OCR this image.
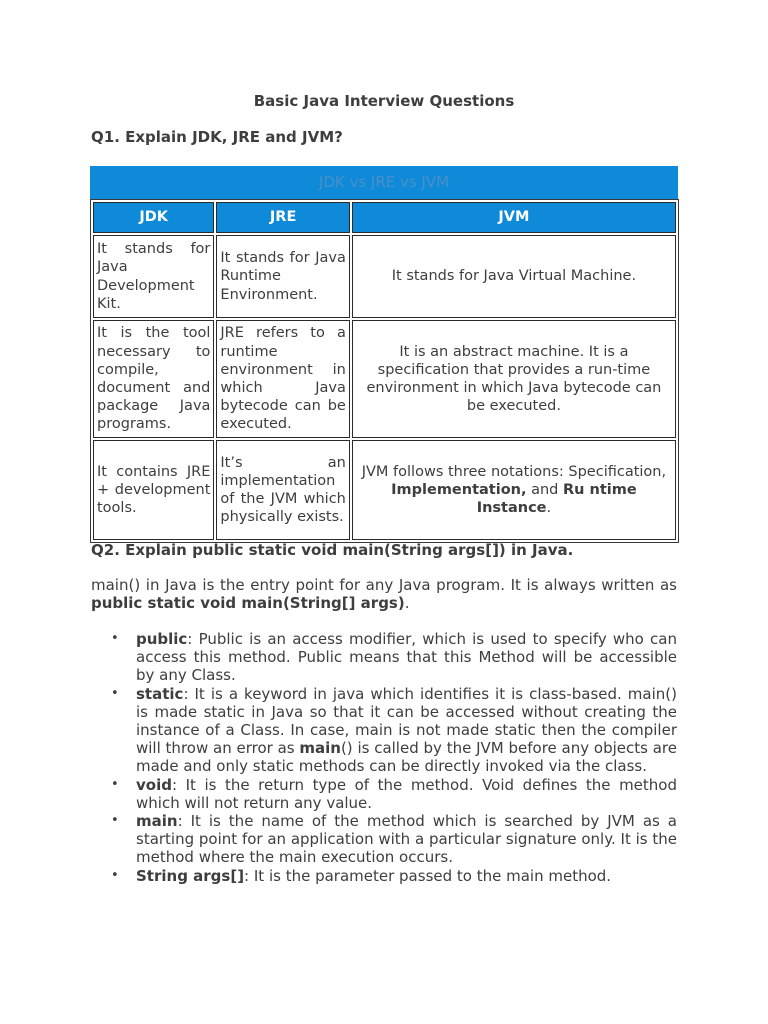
Basic Java Interview Questions
Q1. Explain JDK, JRE and JVM?
JDK vs JRE vs JVM
JDK	JRE	JVM
It stands for Java Development Kit.	It stands for Java Runtime Environment.	It stands for Java Virtual Machine.
It is the tool necessary to compile, document and package Java programs.	JRE refers to a runtime environment in which Java bytecode can be executed.	It is an abstract machine. It is a specification that provides a run-time environment in which Java bytecode can be executed.
It contains JRE + development tools.	It’s an implementation of the JVM which physically exists.	JVM follows three notations: Specification, Implementation, and Ru ntime Instance.
Q2. Explain public static void main(String args[]) in Java.
main() in Java is the entry point for any Java program. It is always written as public static void main(String[] args).
• public: Public is an access modifier, which is used to specify who can access this method. Public means that this Method will be accessible by any Class.
• static: It is a keyword in java which identifies it is class-based. main() is made static in Java so that it can be accessed without creating the instance of a Class. In case, main is not made static then the compiler will throw an error as main() is called by the JVM before any objects are made and only static methods can be directly invoked via the class.
• void: It is the return type of the method. Void defines the method which will not return any value.
• main: It is the name of the method which is searched by JVM as a starting point for an application with a particular signature only. It is the method where the main execution occurs.
• String args[]: It is the parameter passed to the main method.
